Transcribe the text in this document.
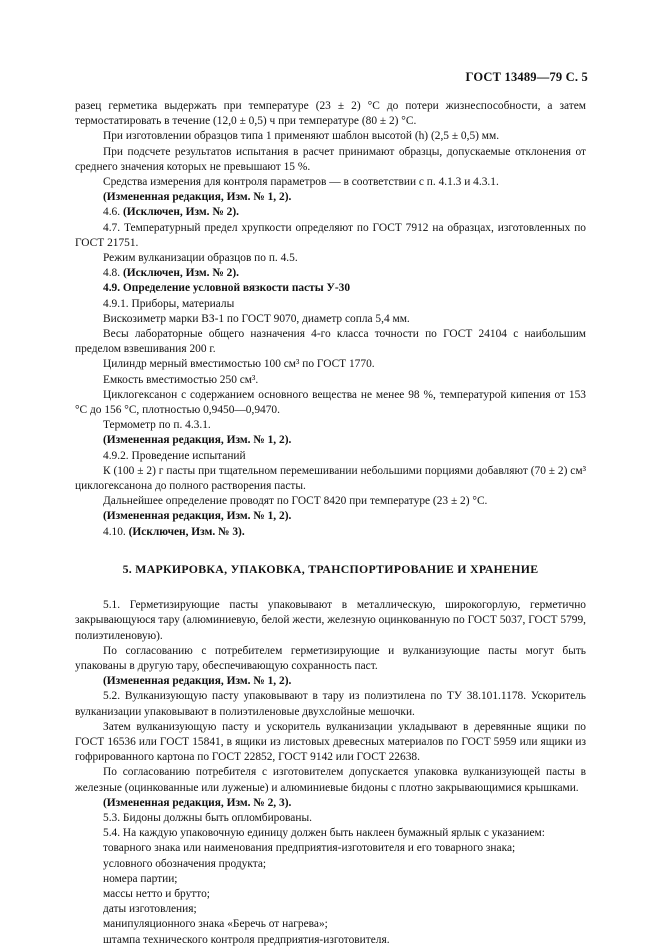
ГОСТ 13489—79 С. 5

разец герметика выдержать при температуре (23 ± 2) °С до потери жизнеспособности, а затем термостатировать в течение (12,0 ± 0,5) ч при температуре (80 ± 2) °С.

При изготовлении образцов типа 1 применяют шаблон высотой (h) (2,5 ± 0,5) мм.

При подсчете результатов испытания в расчет принимают образцы, допускаемые отклонения от среднего значения которых не превышают 15 %.

Средства измерения для контроля параметров — в соответствии с п. 4.1.3 и 4.3.1.

(Измененная редакция, Изм. № 1, 2).

4.6. (Исключен, Изм. № 2).

4.7. Температурный предел хрупкости определяют по ГОСТ 7912 на образцах, изготовленных по ГОСТ 21751.

Режим вулканизации образцов по п. 4.5.

4.8. (Исключен, Изм. № 2).

4.9. Определение условной вязкости пасты У-30

4.9.1. Приборы, материалы

Вискозиметр марки ВЗ-1 по ГОСТ 9070, диаметр сопла 5,4 мм.

Весы лабораторные общего назначения 4-го класса точности по ГОСТ 24104 с наибольшим пределом взвешивания 200 г.

Цилиндр мерный вместимостью 100 см³ по ГОСТ 1770.

Емкость вместимостью 250 см³.

Циклогексанон с содержанием основного вещества не менее 98 %, температурой кипения от 153 °С до 156 °С, плотностью 0,9450—0,9470.

Термометр по п. 4.3.1.

(Измененная редакция, Изм. № 1, 2).

4.9.2. Проведение испытаний

К (100 ± 2) г пасты при тщательном перемешивании небольшими порциями добавляют (70 ± 2) см³ циклогексанона до полного растворения пасты.

Дальнейшее определение проводят по ГОСТ 8420 при температуре (23 ± 2) °С.

(Измененная редакция, Изм. № 1, 2).

4.10. (Исключен, Изм. № 3).

5. МАРКИРОВКА, УПАКОВКА, ТРАНСПОРТИРОВАНИЕ И ХРАНЕНИЕ

5.1. Герметизирующие пасты упаковывают в металлическую, широкогорлую, герметично закрывающуюся тару (алюминиевую, белой жести, железную оцинкованную по ГОСТ 5037, ГОСТ 5799, полиэтиленовую).

По согласованию с потребителем герметизирующие и вулканизующие пасты могут быть упакованы в другую тару, обеспечивающую сохранность паст.

(Измененная редакция, Изм. № 1, 2).

5.2. Вулканизующую пасту упаковывают в тару из полиэтилена по ТУ 38.101.1178. Ускоритель вулканизации упаковывают в полиэтиленовые двухслойные мешочки.

Затем вулканизующую пасту и ускоритель вулканизации укладывают в деревянные ящики по ГОСТ 16536 или ГОСТ 15841, в ящики из листовых древесных материалов по ГОСТ 5959 или ящики из гофрированного картона по ГОСТ 22852, ГОСТ 9142 или ГОСТ 22638.

По согласованию потребителя с изготовителем допускается упаковка вулканизующей пасты в железные (оцинкованные или луженые) и алюминиевые бидоны с плотно закрывающимися крышками.

(Измененная редакция, Изм. № 2, 3).

5.3. Бидоны должны быть опломбированы.

5.4. На каждую упаковочную единицу должен быть наклеен бумажный ярлык с указанием:

товарного знака или наименования предприятия-изготовителя и его товарного знака;

условного обозначения продукта;

номера партии;

массы нетто и брутто;

даты изготовления;

манипуляционного знака «Беречь от нагрева»;

штампа технического контроля предприятия-изготовителя.
